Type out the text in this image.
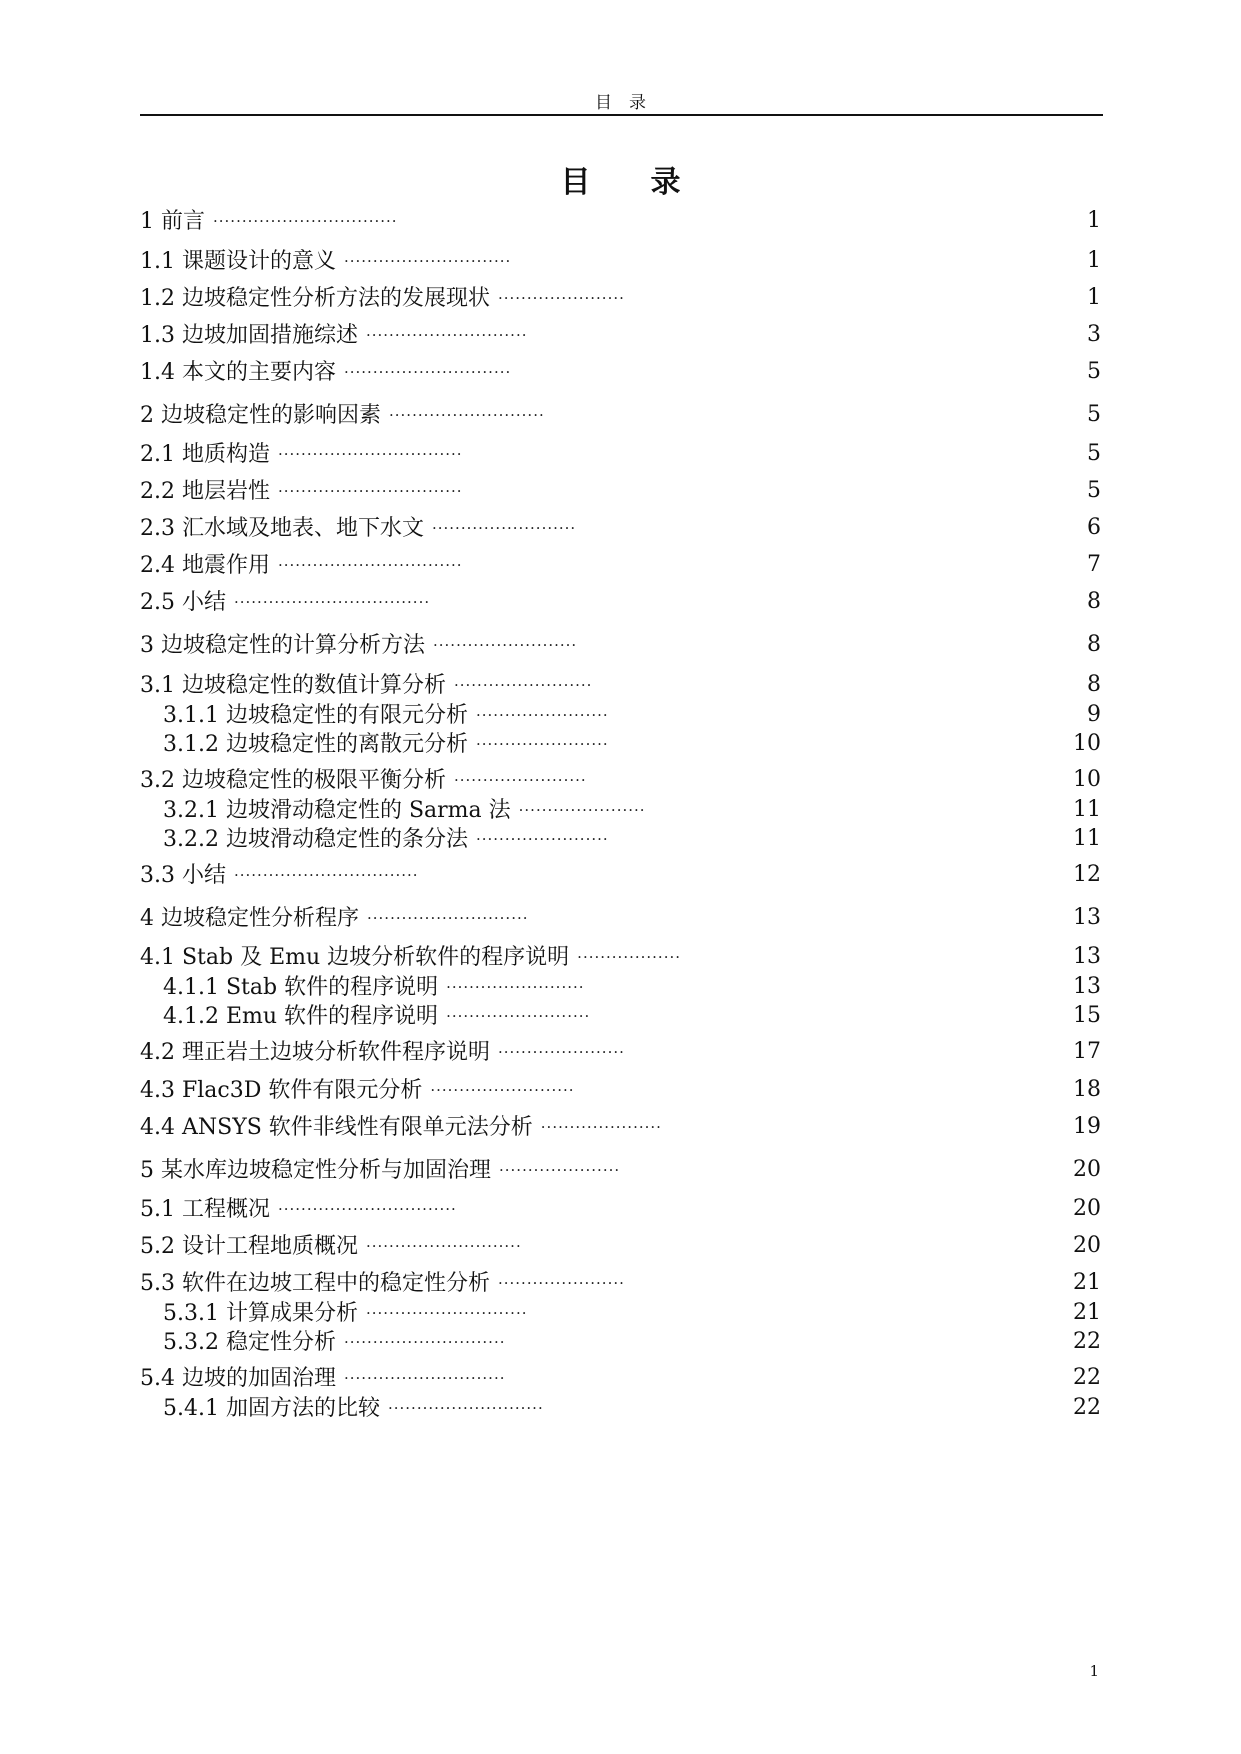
目　录
目　　录
1 前言 ································	1
1.1 课题设计的意义 ·····························	1
1.2 边坡稳定性分析方法的发展现状 ······················	1
1.3 边坡加固措施综述 ····························	3
1.4 本文的主要内容 ·····························	5
2 边坡稳定性的影响因素 ···························	5
2.1 地质构造 ································	5
2.2 地层岩性 ································	5
2.3 汇水域及地表、地下水文 ·························	6
2.4 地震作用 ································	7
2.5 小结 ··································	8
3 边坡稳定性的计算分析方法 ·························	8
3.1 边坡稳定性的数值计算分析 ························	8
3.1.1 边坡稳定性的有限元分析 ·······················	9
3.1.2 边坡稳定性的离散元分析 ·······················	10
3.2 边坡稳定性的极限平衡分析 ·······················	10
3.2.1 边坡滑动稳定性的 Sarma 法 ······················	11
3.2.2 边坡滑动稳定性的条分法 ·······················	11
3.3 小结 ································	12
4 边坡稳定性分析程序 ····························	13
4.1 Stab 及 Emu 边坡分析软件的程序说明 ··················	13
4.1.1 Stab 软件的程序说明 ························	13
4.1.2 Emu 软件的程序说明 ·························	15
4.2 理正岩土边坡分析软件程序说明 ······················	17
4.3 Flac3D 软件有限元分析 ·························	18
4.4 ANSYS 软件非线性有限单元法分析 ·····················	19
5 某水库边坡稳定性分析与加固治理 ·····················	20
5.1 工程概况 ·······························	20
5.2 设计工程地质概况 ···························	20
5.3 软件在边坡工程中的稳定性分析 ······················	21
5.3.1 计算成果分析 ····························	21
5.3.2 稳定性分析 ····························	22
5.4 边坡的加固治理 ····························	22
5.4.1 加固方法的比较 ···························	22
1
